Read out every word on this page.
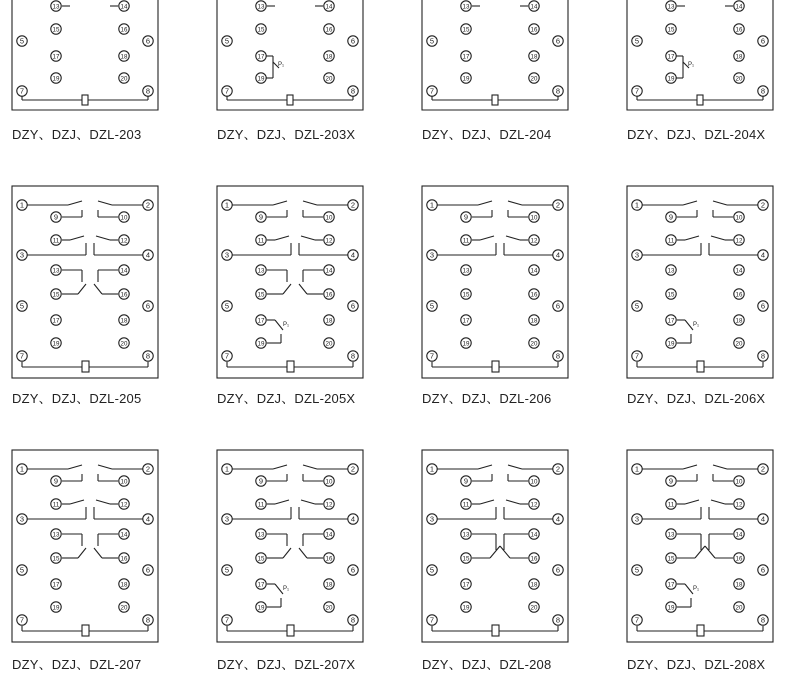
13	14
5	6
15	16
17	18
19	20
7	8
13	14
5	6
15	16
17	18
19	20
7	8
P₁
13	14
5	6
15	16
17	18
19	20
7	8
13	14
5	6
15	16
17	18
19	20
7	8
P₁
1	2
3	4
5	6
7	8
9	10
11	12
13	14
15	16
17	18
19	20
1	2
3	4
5	6
7	8
9	10
11	12
13	14
15	16
17	18
19	20
P₁
1	2
3	4
5	6
7	8
9	10
11	12
13	14
15	16
17	18
19	20
1	2
3	4
5	6
7	8
9	10
11	12
13	14
15	16
17	18
19	20
P₁
1	2
3	4
5	6
7	8
9	10
11	12
13	14
15	16
17	18
19	20
1	2
3	4
5	6
7	8
9	10
11	12
13	14
15	16
17	18
19	20
P₁
1	2
3	4
5	6
7	8
9	10
11	12
13	14
15	16
17	18
19	20
1	2
3	4
5	6
7	8
9	10
11	12
13	14
15	16
17	18
19	20
P₁
DZY、DZJ、DZL-203	DZY、DZJ、DZL-203X	DZY、DZJ、DZL-204	DZY、DZJ、DZL-204X
DZY、DZJ、DZL-205	DZY、DZJ、DZL-205X	DZY、DZJ、DZL-206	DZY、DZJ、DZL-206X
DZY、DZJ、DZL-207	DZY、DZJ、DZL-207X	DZY、DZJ、DZL-208	DZY、DZJ、DZL-208X
